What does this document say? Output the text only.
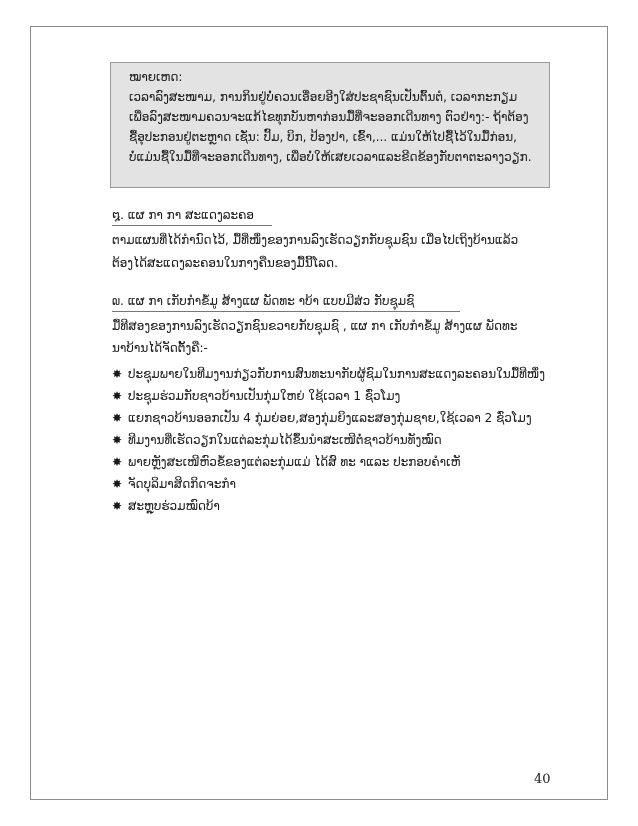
ໝາຍເຫດ:
ເວລາລົງສະໜາມ, ການກິນຢູ່ບໍ່ຄວນເອື່ອຍອີງໃສ່ປະຊາຊົນເປັນຕົ້ນຕໍ, ເວລາກະກຽມ
ເພື່ອລົງສະໜາມຄວນຈະແກ້ໄຂທຸກບັນຫາກ່ອນມື້ທີ່ຈະອອກເດີນທາງ ຕົວຢ່າງ:- ຖ້າຕ້ອງ
ຊື້ອຸປະກອນຢູ່ຕະຫຼາດ ເຊັ່ນ: ປົ້ມ, ບິກ, ປ້ອງປາ, ເຂົ້າ,... ແມ່ນໃຫ້ໄປຊື້ໄວ້ໃນມື້ກ່ອນ,
ບໍ່ແມ່ນຊື້ໃນມື້ທີ່ຈະອອກເດີນທາງ, ເພື່ອບໍ່ໃຫ້ເສຍເວລາແລະຂີດຂ້ອງກັບຕາຕະລາງວຽກ.
໘. ແຜ ກາ ກາ ສະແດງລະຄອ
ຕາມແຜນທີ່ໄດ້ກຳນົດໄວ້, ມື້ທີ່ໜຶ່ງຂອງການລົງເຮັດວຽກກັບຊຸມຊົນ ເມື່ອໄປເຖິງບ້ານແລ້ວ
ຕ້ອງໄດ້ສະແດງລະຄອນໃນກາງຄືນຂອງມື້ນີ້ໂລດ.
໙. ແຜ ກາ ເກັບກຳຂໍ້ມູ ສ້າງແຜ ພັດທະ າບ້າ ແບບມີສ່ວ ກັບຊຸມຊົ
ມື້ທີສອງຂອງການລົງເຮັດວຽກຊົນຂວາຍກັບຊຸມຊົ , ແຜ ກາ ເກັບກຳຂໍ້ມູ ສ້າງແຜ ພັດທະ
ນາບ້ານໄດ້ຈັດຕັ້ງຄື:-
✸ ປະຊຸມພາຍໃນທີມງານກ່ຽວກັບການສົນທະນາກັບຜູ້ຊົມໃນການສະແດງລະຄອນໃນມື້ທີໜຶ່ງ
✸ ປະຊຸມຮ່ວມກັບຊາວບ້ານເປັນກຸ່ມໃຫຍ່ ໃຊ້ເວລາ 1 ຊົ່ວໂມງ
✸ ແຍກຊາວບ້ານອອກເປັນ 4 ກຸ່ມຍ່ອຍ,ສອງກຸ່ມຍິງແລະສອງກຸ່ມຊາຍ,ໃຊ້ເວລາ 2 ຊົ່ວໂມງ
✸ ທີມງານທີ່ເຮັດວຽກໃນແຕ່ລະກຸ່ມໄດ້ຂຶ້ນນຳສະເໜີຕໍ່ຊາວບ້ານທັງໝົດ
✸ ພາຍຫຼັງສະເໜີຫົວຂໍ້ຂອງແຕ່ລະກຸ່ມແມ່ ໄດ້ສົ ທະ າແລະ ປະກອບຄຳເຫັ
✸ ຈັດບຸລິມາສິດກິດຈະກຳ
✸ ສະຫຼຸບຮ່ວມໝົດບ້າ
40
